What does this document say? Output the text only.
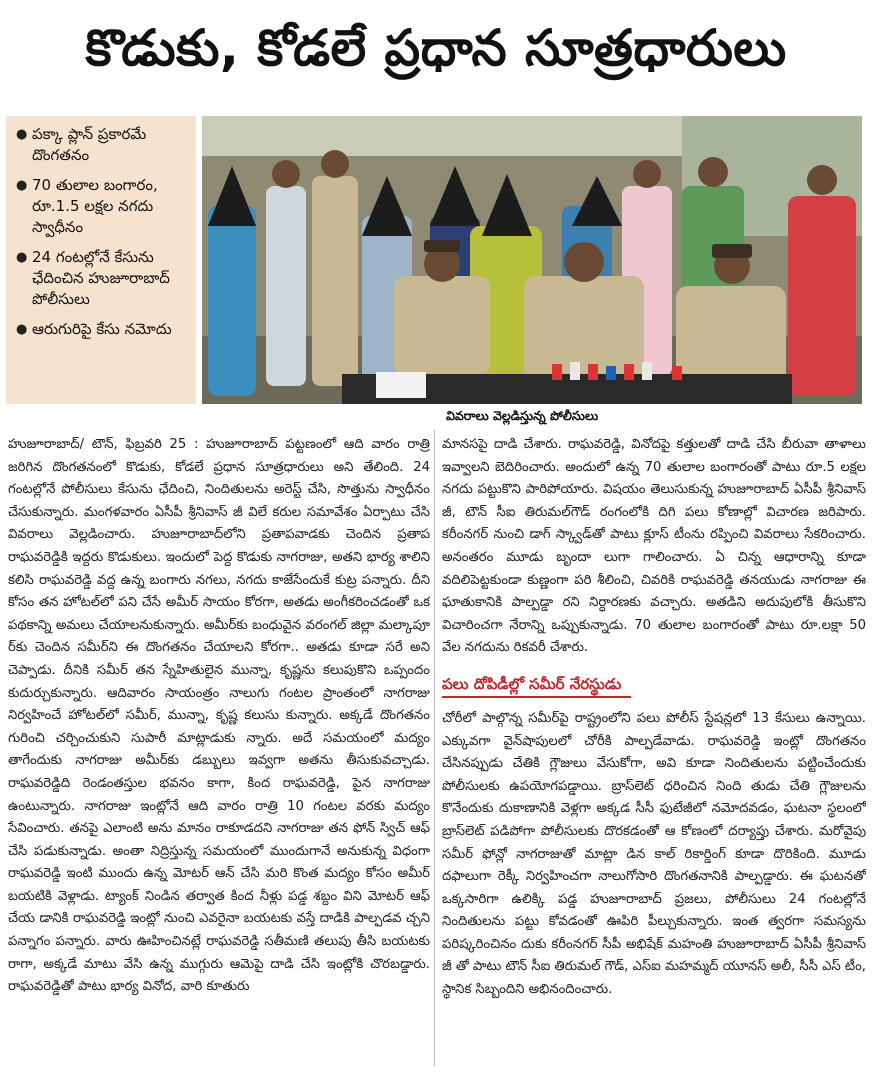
కొడుకు, కోడలే ప్రధాన సూత్రధారులు
● పక్కా ప్లాన్ ప్రకారమే దొంగతనం
● 70 తులాల బంగారం, రూ.1.5 లక్షల నగదు స్వాధీనం
● 24 గంటల్లోనే కేసును ఛేదించిన హుజూరాబాద్ పోలీసులు
● ఆరుగురిపై కేసు నమోదు
వివరాలు వెల్లడిస్తున్న పోలీసులు

హుజూరాబాద్/ టౌన్, ఫిబ్రవరి 25 : హుజూరాబాద్ పట్టణంలో ఆది వారం రాత్రి జరిగిన దొంగతనంలో కొడుకు, కోడలే ప్రధాన సూత్రధారులు అని తేలింది. 24 గంటల్లోనే పోలీసులు కేసును ఛేదించి, నిందితులను అరెస్ట్ చేసి, సొత్తును స్వాధీనం చేసుకున్నారు. మంగళవారం ఏసీపీ శ్రీనివాస్ జీ విలే కరుల సమావేశం ఏర్పాటు చేసి వివరాలు వెల్లడించారు. హుజూరాబాద్‌లోని ప్రతాపవాడకు చెందిన ప్రతాప రాఘవరెడ్డికి ఇద్దరు కొడుకులు. ఇందులో పెద్ద కొడుకు నాగరాజు, అతని భార్య శాలిని కలిసి రాఘవరెడ్డి వద్ద ఉన్న బంగారు నగలు, నగదు కాజేసేందుకే కుట్ర పన్నారు. దీని కోసం తన హోటల్‌లో పని చేసే అమీర్ సాయం కోరగా, అతడు అంగీకరించడంతో ఒక పథకాన్ని అమలు చేయాలనుకున్నారు. అమీర్‌కు బంధువైన వరంగల్ జిల్లా మల్కాపూ ర్‌కు చెందిన సమీర్‌ని ఈ దొంగతనం చేయాలని కోరగా.. అతడు కూడా సరే అని చెప్పాడు. దీనికి సమీర్ తన స్నేహితులైన మున్నా, కృష్ణను కలుపుకొని ఒప్పందం కుదుర్చుకున్నారు. ఆదివారం సాయంత్రం నాలుగు గంటల ప్రాంతంలో నాగరాజు నిర్వహించే హోటల్‌లో సమీర్, మున్నా, కృష్ణ కలుసు కున్నారు. అక్కడే దొంగతనం గురించి చర్చించుకుని సుపారీ మాట్లాడుకు న్నారు. అదే సమయంలో మద్యం తాగేందుకు నాగరాజు అమీర్‌కు డబ్బులు ఇవ్వగా అతను తీసుకువచ్చాడు. రాఘవరెడ్డిది రెండంతస్తుల భవనం కాగా, కింద రాఘవరెడ్డి, పైన నాగరాజు ఉంటున్నారు. నాగరాజు ఇంట్లోనే ఆది వారం రాత్రి 10 గంటల వరకు మద్యం సేవించారు. తనపై ఎలాంటి అను మానం రాకూడదని నాగరాజు తన ఫోన్ స్విచ్ ఆఫ్ చేసి పడుకున్నాడు. అంతా నిద్రిస్తున్న సమయంలో ముందుగానే అనుకున్న విధంగా రాఘవరెడ్డి ఇంటి ముందు ఉన్న మోటర్ ఆన్ చేసి మరి కొంత మద్యం కోసం అమీర్ బయటికి వెళ్లాడు. ట్యాంక్ నిండిన తర్వాత కింద నీళ్లు పడ్డ శబ్దం విని మోటర్ ఆఫ్ చేయ డానికి రాఘవరెడ్డి ఇంట్లో నుంచి ఎవరైనా బయటకు వస్తే దాడికి పాల్పడవ చ్చని పన్నాగం పన్నారు. వారు ఊహించినట్లే రాఘవరెడ్డి సతీమణి తలుపు తీసి బయటకు రాగా, అక్కడే మాటు వేసి ఉన్న ముగ్గురు ఆమెపై దాడి చేసి ఇంట్లోకి చొరబడ్డారు. రాఘవరెడ్డితో పాటు భార్య వినోద, వారి కూతురు

మానసపై దాడి చేశారు. రాఘవరెడ్డి, వినోదపై కత్తులతో దాడి చేసి బీరువా తాళాలు ఇవ్వాలని బెదిరించారు. అందులో ఉన్న 70 తులాల బంగారంతో పాటు రూ.5 లక్షల నగదు పట్టుకొని పారిపోయారు. విషయం తెలుసుకున్న హుజూరాబాద్ ఏసీపీ శ్రీనివాస్ జీ, టౌన్ సీఐ తిరుమల్‌గౌడ్ రంగంలోకి దిగి పలు కోణాల్లో విచారణ జరిపారు. కరీంనగర్ నుంచి డాగ్ స్క్వాడ్‌తో పాటు క్లూస్ టీంను రప్పించి వివరాలు సేకరించారు. అనంతరం మూడు బృందా లుగా గాలించారు. ఏ చిన్న ఆధారాన్ని కూడా వదిలిపెట్టకుండా కుణ్ణంగా పరి శీలించి, చివరికి రాఘవరెడ్డి తనయుడు నాగరాజు ఈ ఘాతుకానికి పాల్పడ్డా రని నిర్ధారణకు వచ్చారు. అతడిని అదుపులోకి తీసుకొని విచారించగా నేరాన్ని ఒప్పుకున్నాడు. 70 తులాల బంగారంతో పాటు రూ.లక్షా 50 వేల నగదును రికవరీ చేశారు.

పలు దోపిడీల్లో సమీర్ నేరస్థుడు

చోరీలో పాల్గొన్న సమీర్‌పై రాష్ట్రంలోని పలు పోలీస్ స్టేషన్లలో 13 కేసులు ఉన్నాయి. ఎక్కువగా వైన్‌షాపులలో చోరీకి పాల్పడేవాడు. రాఘవరెడ్డి ఇంట్లో దొంగతనం చేసినప్పుడు చేతికి గ్లౌజులు వేసుకోగా, అవి కూడా నిందితులను పట్టించేందుకు పోలీసులకు ఉపయోగపడ్డాయి. బ్రాస్‌లెట్ ధరించిన నింది తుడు చేతి గ్లౌజులను కొనేందుకు దుకాణానికి వెళ్లగా అక్కడ సీసీ ఫుటేజీలో నమోదవడం, ఘటనా స్థలంలో బ్రాస్‌లెట్ పడిపోగా పోలీసులకు దొరకడంతో ఆ కోణంలో దర్యాప్తు చేశారు. మరోవైపు సమీర్ ఫోన్లో నాగరాజుతో మాట్లా డిన కాల్ రికార్డింగ్ కూడా దొరికింది. మూడు దఫాలుగా రెక్కీ నిర్వహించగా నాలుగోసారి దొంగతనానికి పాల్పడ్డారు. ఈ ఘటనతో ఒక్కసారిగా ఉలిక్కి పడ్డ హుజూరాబాద్ ప్రజలు, పోలీసులు 24 గంటల్లోనే నిందితులను పట్టు కోవడంతో ఊపిరి పీల్చుకున్నారు. ఇంత త్వరగా సమస్యను పరిష్కరించినం దుకు కరీంనగర్ సీపీ అభిషేక్ మహంతి హుజూరాబాద్ ఏసీపీ శ్రీనివాస్ జీ తో పాటు టౌన్ సీఐ తిరుమల్ గౌడ్, ఎస్ఐ మహమ్మద్ యూనస్ అలీ, సీసీ ఎస్ టీం, స్థానిక సిబ్బందిని అభినందించారు.
